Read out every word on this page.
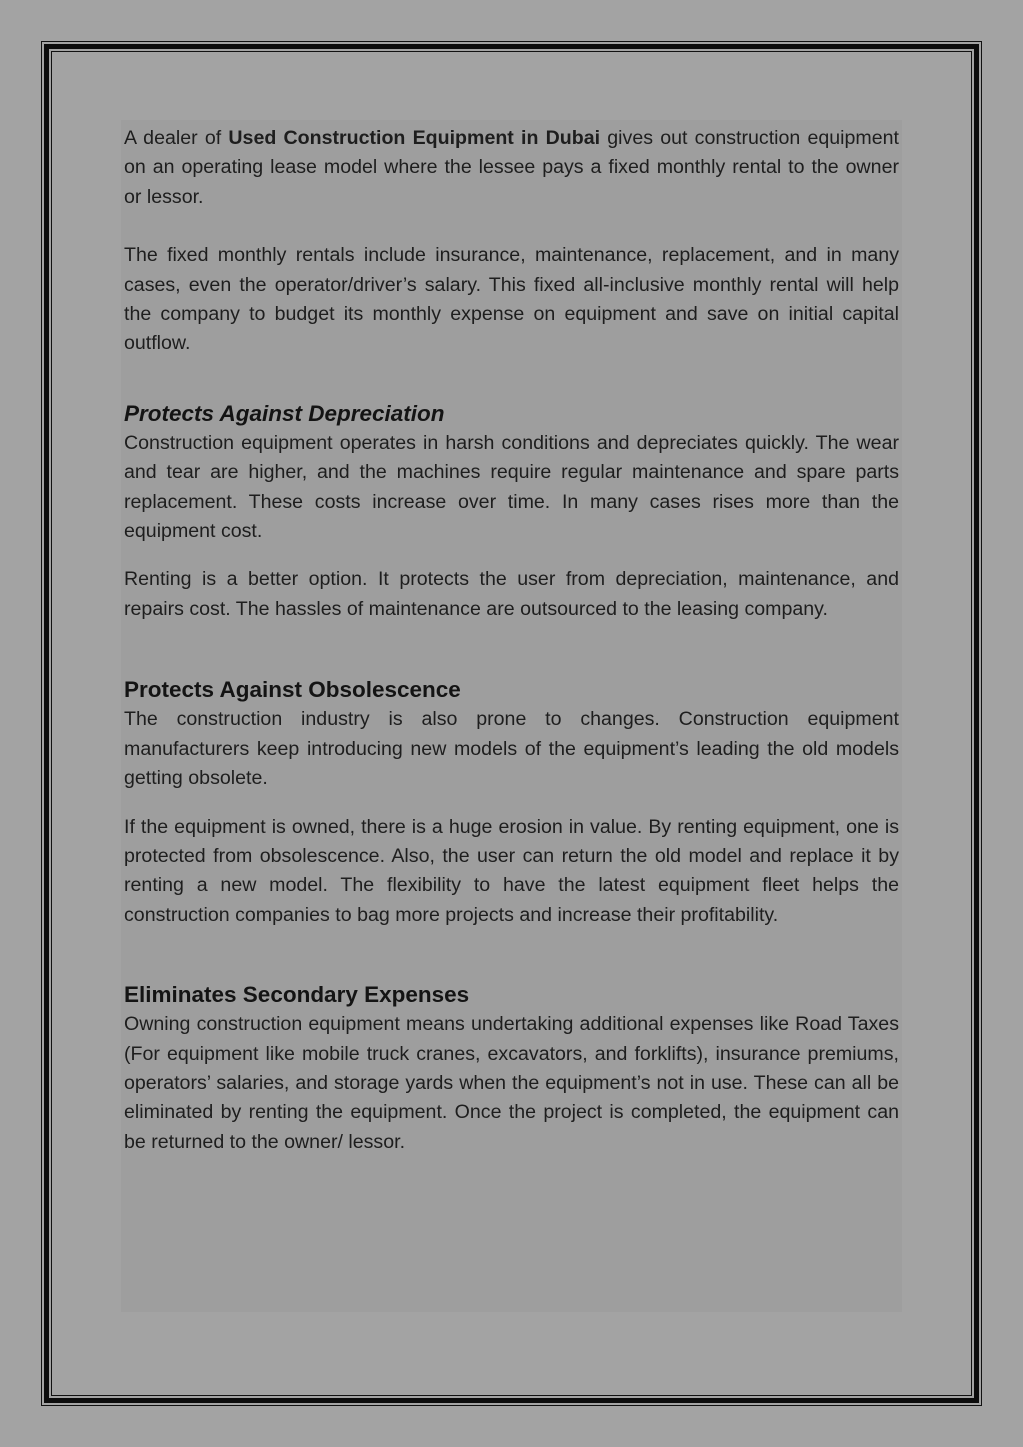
A dealer of Used Construction Equipment in Dubai gives out construction equipment on an operating lease model where the lessee pays a fixed monthly rental to the owner or lessor.

The fixed monthly rentals include insurance, maintenance, replacement, and in many cases, even the operator/driver’s salary. This fixed all-inclusive monthly rental will help the company to budget its monthly expense on equipment and save on initial capital outflow.

Protects Against Depreciation

Construction equipment operates in harsh conditions and depreciates quickly. The wear and tear are higher, and the machines require regular maintenance and spare parts replacement. These costs increase over time. In many cases rises more than the equipment cost.

Renting is a better option. It protects the user from depreciation, maintenance, and repairs cost. The hassles of maintenance are outsourced to the leasing company.

Protects Against Obsolescence

The construction industry is also prone to changes. Construction equipment manufacturers keep introducing new models of the equipment’s leading the old models getting obsolete.

If the equipment is owned, there is a huge erosion in value. By renting equipment, one is protected from obsolescence. Also, the user can return the old model and replace it by renting a new model. The flexibility to have the latest equipment fleet helps the construction companies to bag more projects and increase their profitability.

Eliminates Secondary Expenses

Owning construction equipment means undertaking additional expenses like Road Taxes (For equipment like mobile truck cranes, excavators, and forklifts), insurance premiums, operators’ salaries, and storage yards when the equipment’s not in use. These can all be eliminated by renting the equipment. Once the project is completed, the equipment can be returned to the owner/ lessor.
